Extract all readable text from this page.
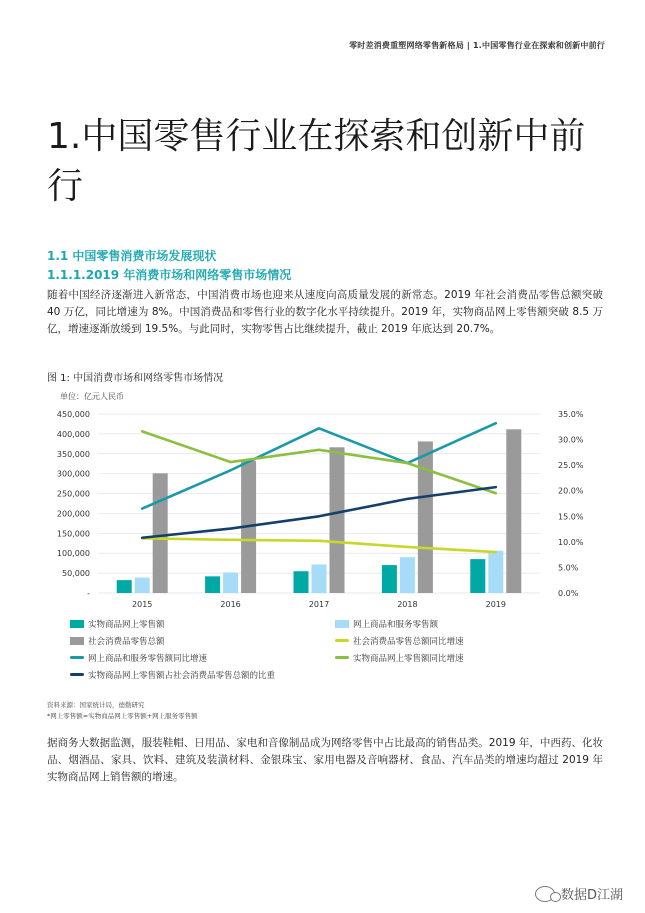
零时差消费重塑网络零售新格局 | 1.中国零售行业在探索和创新中前行
1.中国零售行业在探索和创新中前行
1.1 中国零售消费市场发展现状
1.1.1.2019 年消费市场和网络零售市场情况

随着中国经济逐渐进入新常态，中国消费市场也迎来从速度向高质量发展的新常态。2019 年社会消费品零售总额突破 40 万亿，同比增速为 8%。中国消费品和零售行业的数字化水平持续提升。2019 年，实物商品网上零售额突破 8.5 万亿，增速逐渐放缓到 19.5%。与此同时，实物零售占比继续提升，截止 2019 年底达到 20.7%。

图 1: 中国消费市场和网络零售市场情况
单位：亿元人民币
450,000
400,000
350,000
300,000
250,000
200,000
150,000
100,000
50,000
-
35.0%
30.0%
25.0%
20.0%
15.0%
10.0%
5.0%
0.0%
2015	2016	2017	2018	2019
实物商品网上零售额	网上商品和服务零售额
社会消费品零售总额	社会消费品零售总额同比增速
网上商品和服务零售额同比增速	实物商品网上零售额同比增速
实物商品网上零售额占社会消费品零售总额的比重
资料来源：国家统计局，德勤研究
*网上零售额=实物商品网上零售额+网上服务零售额

据商务大数据监测，服装鞋帽、日用品、家电和音像制品成为网络零售中占比最高的销售品类。2019 年，中西药、化妆品、烟酒品、家具、饮料、建筑及装潢材料、金银珠宝、家用电器及音响器材、食品、汽车品类的增速均超过 2019 年实物商品网上销售额的增速。

数据D江湖
